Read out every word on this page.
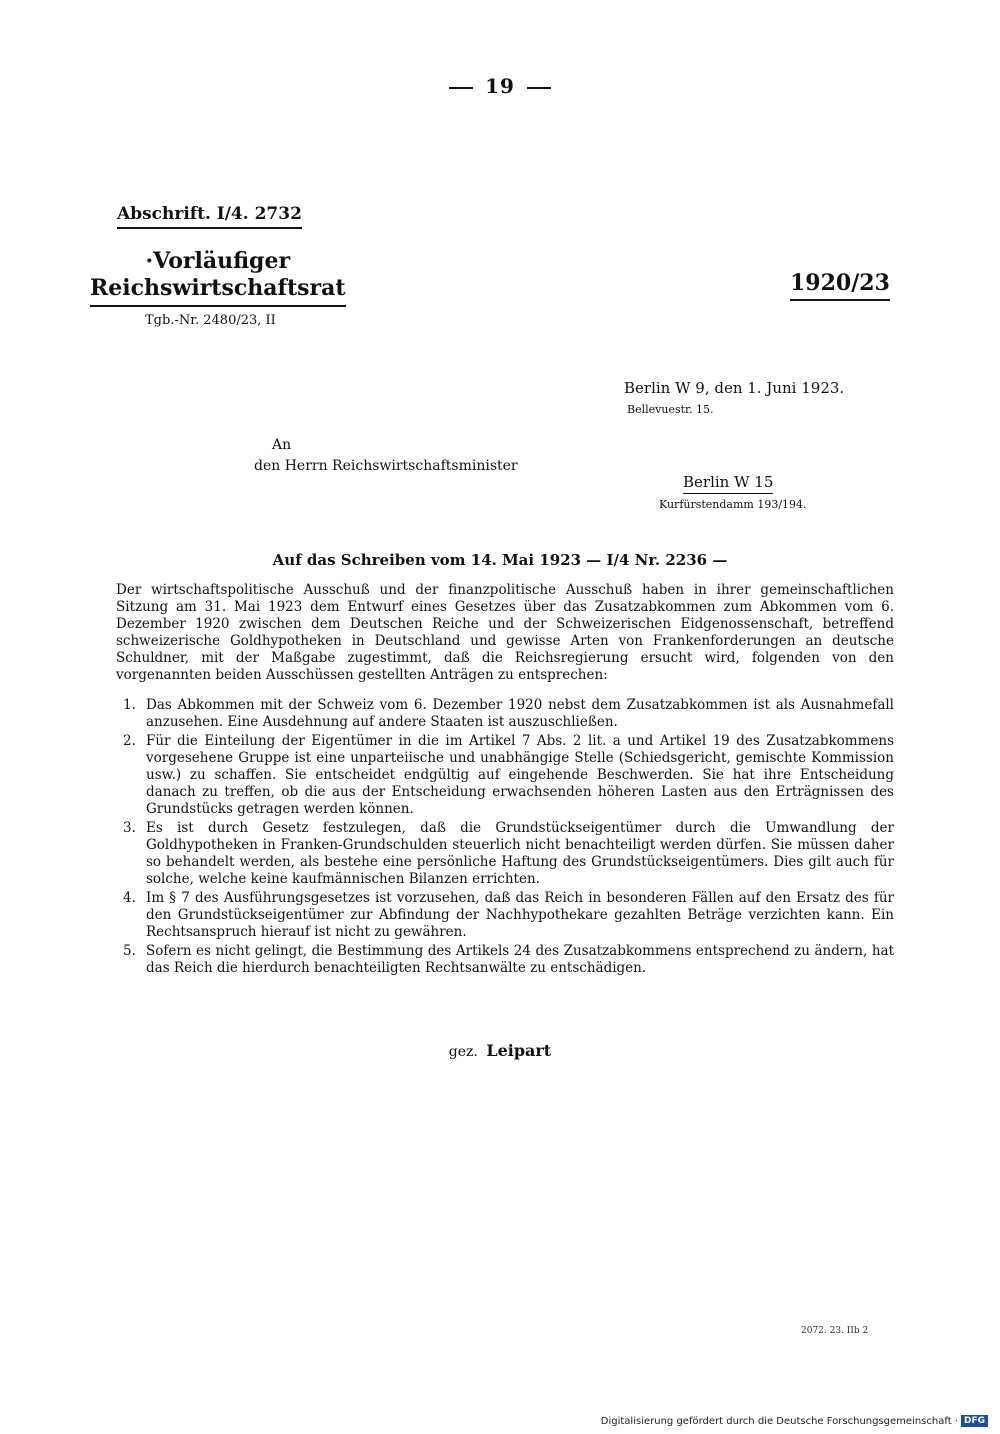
19
Abschrift. I/4. 2732
·Vorläufiger
Reichswirtschaftsrat
Tgb.-Nr. 2480/23, II
1920/23
Berlin W 9, den 1. Juni 1923.
Bellevuestr. 15.
An
den Herrn Reichswirtschaftsminister
Berlin W 15
Kurfürstendamm 193/194.
Auf das Schreiben vom 14. Mai 1923 — I/4 Nr. 2236 —

Der wirtschaftspolitische Ausschuß und der finanzpolitische Ausschuß haben in ihrer gemeinschaftlichen Sitzung am 31. Mai 1923 dem Entwurf eines Gesetzes über das Zusatzabkommen zum Abkommen vom 6. Dezember 1920 zwischen dem Deutschen Reiche und der Schweizerischen Eidgenossenschaft, betreffend schweizerische Goldhypotheken in Deutschland und gewisse Arten von Frankenforderungen an deutsche Schuldner, mit der Maßgabe zugestimmt, daß die Reichsregierung ersucht wird, folgenden von den vorgenannten beiden Ausschüssen gestellten Anträgen zu entsprechen:

1. Das Abkommen mit der Schweiz vom 6. Dezember 1920 nebst dem Zusatzabkommen ist als Ausnahmefall anzusehen. Eine Ausdehnung auf andere Staaten ist auszuschließen.
2. Für die Einteilung der Eigentümer in die im Artikel 7 Abs. 2 lit. a und Artikel 19 des Zusatzabkommens vorgesehene Gruppe ist eine unparteiische und unabhängige Stelle (Schiedsgericht, gemischte Kommission usw.) zu schaffen. Sie entscheidet endgültig auf eingehende Beschwerden. Sie hat ihre Entscheidung danach zu treffen, ob die aus der Entscheidung erwachsenden höheren Lasten aus den Erträgnissen des Grundstücks getragen werden können.
3. Es ist durch Gesetz festzulegen, daß die Grundstückseigentümer durch die Umwandlung der Goldhypotheken in Franken-Grundschulden steuerlich nicht benachteiligt werden dürfen. Sie müssen daher so behandelt werden, als bestehe eine persönliche Haftung des Grundstückseigentümers. Dies gilt auch für solche, welche keine kaufmännischen Bilanzen errichten.
4. Im § 7 des Ausführungsgesetzes ist vorzusehen, daß das Reich in besonderen Fällen auf den Ersatz des für den Grundstückseigentümer zur Abfindung der Nachhypothekare gezahlten Beträge verzichten kann. Ein Rechtsanspruch hierauf ist nicht zu gewähren.
5. Sofern es nicht gelingt, die Bestimmung des Artikels 24 des Zusatzabkommens entsprechend zu ändern, hat das Reich die hierdurch benachteiligten Rechtsanwälte zu entschädigen.
gez. Leipart
2072. 23. IIb 2
Digitalisierung gefördert durch die Deutsche Forschungsgemeinschaft · DFG
